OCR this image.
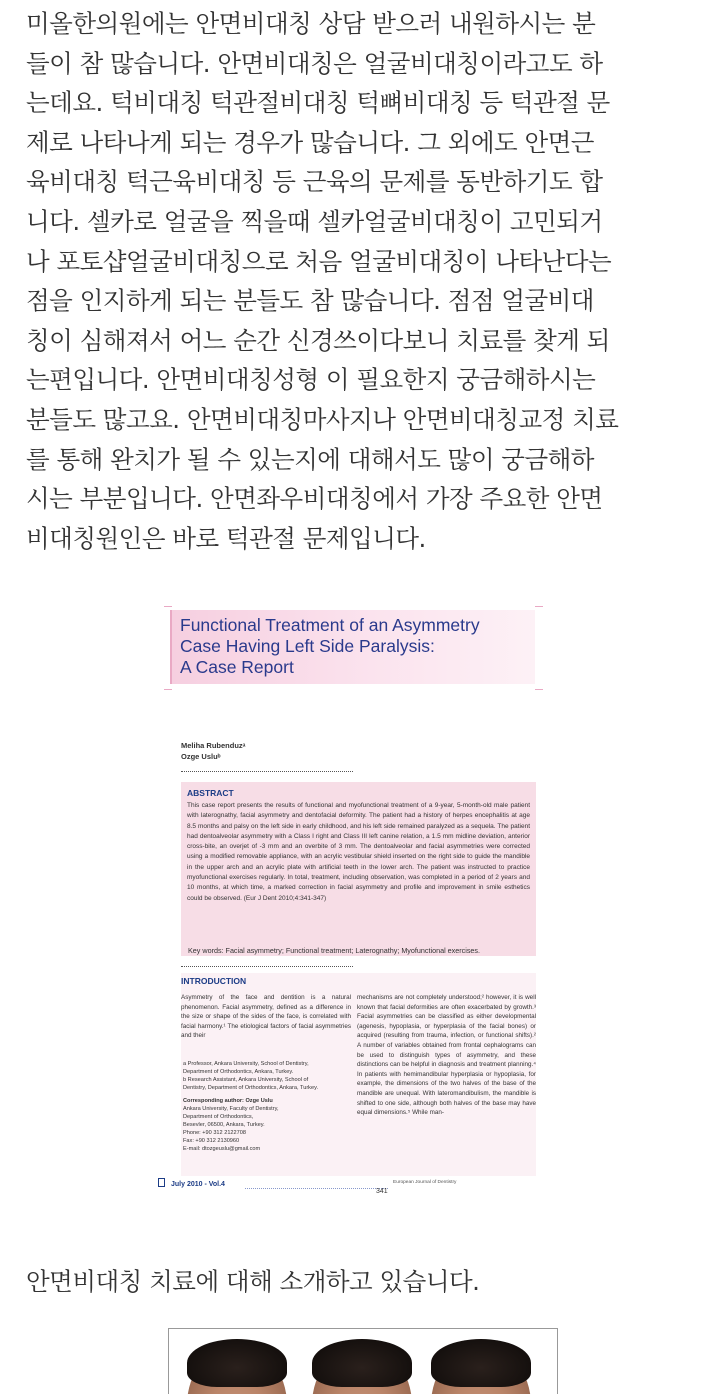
미올한의원에는 안면비대칭 상담 받으러 내원하시는 분
들이 참 많습니다. 안면비대칭은 얼굴비대칭이라고도 하
는데요. 턱비대칭 턱관절비대칭 턱뼈비대칭 등 턱관절 문
제로 나타나게 되는 경우가 많습니다. 그 외에도 안면근
육비대칭 턱근육비대칭 등 근육의 문제를 동반하기도 합
니다. 셀카로 얼굴을 찍을때 셀카얼굴비대칭이 고민되거
나 포토샵얼굴비대칭으로 처음 얼굴비대칭이 나타난다는
점을 인지하게 되는 분들도 참 많습니다. 점점 얼굴비대
칭이 심해져서 어느 순간 신경쓰이다보니 치료를 찾게 되
는편입니다. 안면비대칭성형 이 필요한지 궁금해하시는
분들도 많고요. 안면비대칭마사지나 안면비대칭교정 치료
를 통해 완치가 될 수 있는지에 대해서도 많이 궁금해하
시는 부분입니다. 안면좌우비대칭에서 가장 주요한 안면
비대칭원인은 바로 턱관절 문제입니다.

Functional Treatment of an Asymmetry
Case Having Left Side Paralysis:
A Case Report
Meliha Rubenduzᵃ
Ozge Usluᵇ
ABSTRACT

This case report presents the results of functional and myofunctional treatment of a 9-year, 5-month-old male patient with laterognathy, facial asymmetry and dentofacial deformity. The patient had a history of herpes encephalitis at age 8.5 months and palsy on the left side in early childhood, and his left side remained paralyzed as a sequela. The patient had dentoalveolar asymmetry with a Class I right and Class III left canine relation, a 1.5 mm midline deviation, anterior cross-bite, an overjet of -3 mm and an overbite of 3 mm. The dentoalveolar and facial asymmetries were corrected using a modified removable appliance, with an acrylic vestibular shield inserted on the right side to guide the mandible in the upper arch and an acrylic plate with artificial teeth in the lower arch. The patient was instructed to practice myofunctional exercises regularly. In total, treatment, including observation, was completed in a period of 2 years and 10 months, at which time, a marked correction in facial asymmetry and profile and improvement in smile esthetics could be observed. (Eur J Dent 2010;4:341-347)

Key words: Facial asymmetry; Functional treatment; Laterognathy; Myofunctional exercises.
INTRODUCTION

Asymmetry of the face and dentition is a natural phenomenon. Facial asymmetry, defined as a difference in the size or shape of the sides of the face, is correlated with facial harmony.¹ The etiological factors of facial asymmetries and their

mechanisms are not completely understood;² however, it is well known that facial deformities are often exacerbated by growth.³ Facial asymmetries can be classified as either developmental (agenesis, hypoplasia, or hyperplasia of the facial bones) or acquired (resulting from trauma, infection, or functional shifts).² A number of variables obtained from frontal cephalograms can be used to distinguish types of asymmetry, and these distinctions can be helpful in diagnosis and treatment planning.⁴ In patients with hemimandibular hyperplasia or hypoplasia, for example, the dimensions of the two halves of the base of the mandible are unequal. With lateromandibulism, the mandible is shifted to one side, although both halves of the base may have equal dimensions.⁵ While man-

a Professor, Ankara University, School of Dentistry,
Department of Orthodontics, Ankara, Turkey.
b Research Assistant, Ankara University, School of
Dentistry, Department of Orthodontics, Ankara, Turkey.
Corresponding author: Ozge Uslu
Ankara University, Faculty of Dentistry,
Department of Orthodontics,
Besevler, 06500, Ankara, Turkey.
Phone: +90 312 2122708
Fax: +90 312 2130960
E-mail: dtozgeuslu@gmail.com
July 2010 - Vol.4	European Journal of Dentistry
341

안면비대칭 치료에 대해 소개하고 있습니다.
